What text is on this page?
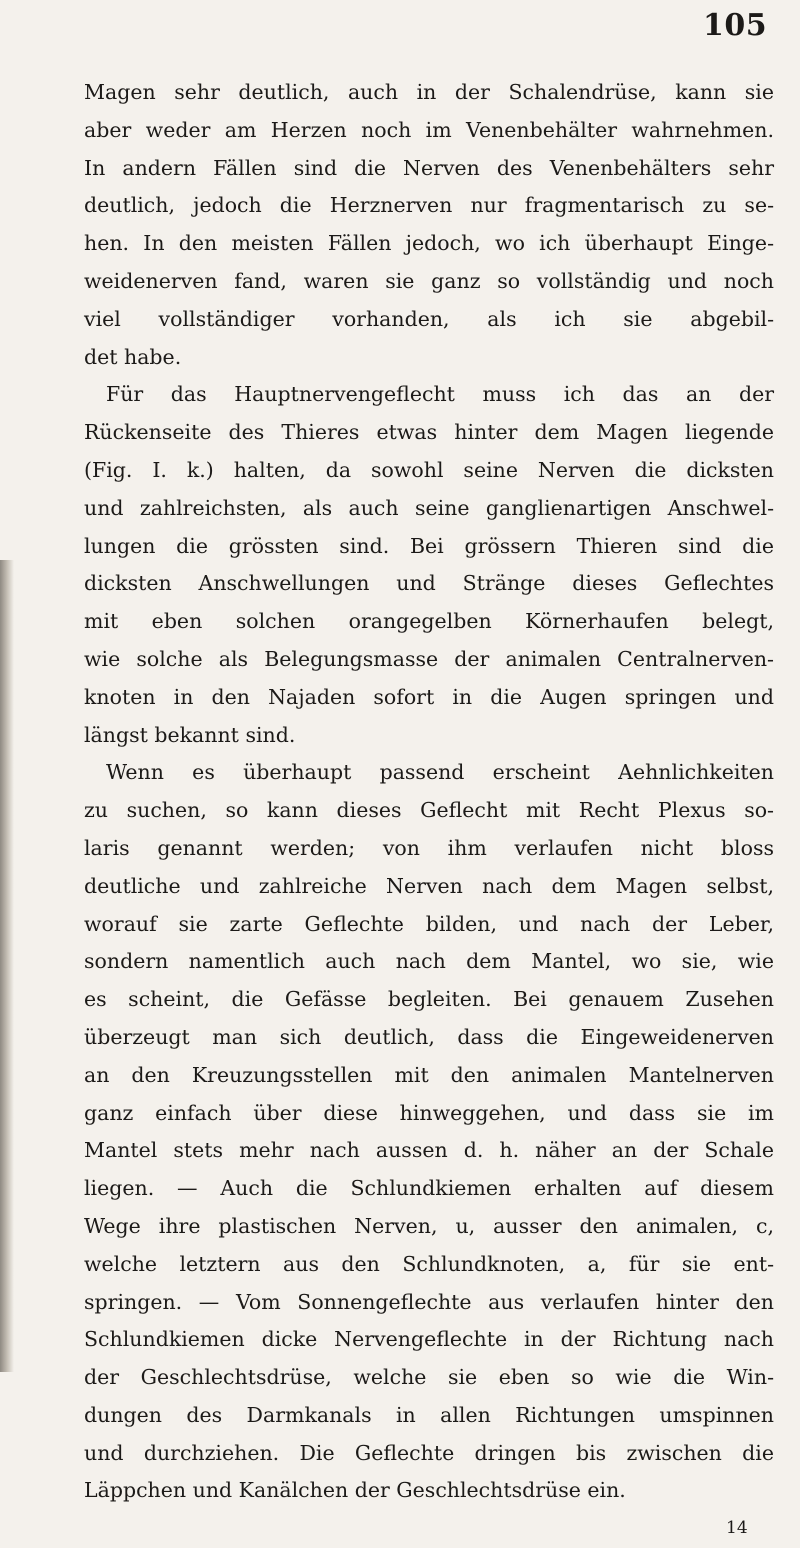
105
Magen sehr deutlich, auch in der Schalendrüse, kann sie
aber weder am Herzen noch im Venenbehälter wahrnehmen.
In andern Fällen sind die Nerven des Venenbehälters sehr
deutlich, jedoch die Herznerven nur fragmentarisch zu se-
hen. In den meisten Fällen jedoch, wo ich überhaupt Einge-
weidenerven fand, waren sie ganz so vollständig und noch
viel vollständiger vorhanden, als ich sie abgebil-
det habe.
Für das Hauptnervengeflecht muss ich das an der
Rückenseite des Thieres etwas hinter dem Magen liegende
(Fig. I. k.) halten, da sowohl seine Nerven die dicksten
und zahlreichsten, als auch seine ganglienartigen Anschwel-
lungen die grössten sind. Bei grössern Thieren sind die
dicksten Anschwellungen und Stränge dieses Geflechtes
mit eben solchen orangegelben Körnerhaufen belegt,
wie solche als Belegungsmasse der animalen Centralnerven-
knoten in den Najaden sofort in die Augen springen und
längst bekannt sind.
Wenn es überhaupt passend erscheint Aehnlichkeiten
zu suchen, so kann dieses Geflecht mit Recht Plexus so-
laris genannt werden; von ihm verlaufen nicht bloss
deutliche und zahlreiche Nerven nach dem Magen selbst,
worauf sie zarte Geflechte bilden, und nach der Leber,
sondern namentlich auch nach dem Mantel, wo sie, wie
es scheint, die Gefässe begleiten. Bei genauem Zusehen
überzeugt man sich deutlich, dass die Eingeweidenerven
an den Kreuzungsstellen mit den animalen Mantelnerven
ganz einfach über diese hinweggehen, und dass sie im
Mantel stets mehr nach aussen d. h. näher an der Schale
liegen. — Auch die Schlundkiemen erhalten auf diesem
Wege ihre plastischen Nerven, u, ausser den animalen, c,
welche letztern aus den Schlundknoten, a, für sie ent-
springen. — Vom Sonnengeflechte aus verlaufen hinter den
Schlundkiemen dicke Nervengeflechte in der Richtung nach
der Geschlechtsdrüse, welche sie eben so wie die Win-
dungen des Darmkanals in allen Richtungen umspinnen
und durchziehen. Die Geflechte dringen bis zwischen die
Läppchen und Kanälchen der Geschlechtsdrüse ein.
14
